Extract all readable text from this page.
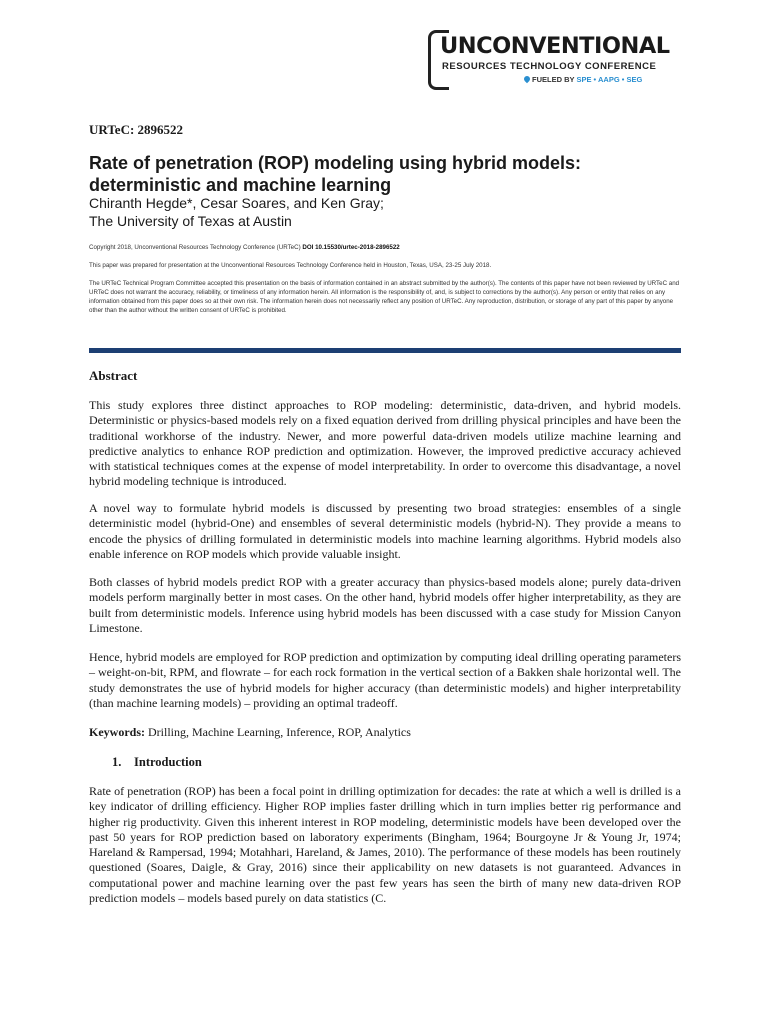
UNCONVENTIONAL
RESOURCES TECHNOLOGY CONFERENCE
FUELED BY SPE • AAPG • SEG
URTeC: 2896522
Rate of penetration (ROP) modeling using hybrid models:
deterministic and machine learning
Chiranth Hegde*, Cesar Soares, and Ken Gray;
The University of Texas at Austin
Copyright 2018, Unconventional Resources Technology Conference (URTeC) DOI 10.15530/urtec-2018-2896522
This paper was prepared for presentation at the Unconventional Resources Technology Conference held in Houston, Texas, USA, 23-25 July 2018.
The URTeC Technical Program Committee accepted this presentation on the basis of information contained in an abstract submitted by the author(s). The contents of this paper have not been reviewed by URTeC and URTeC does not warrant the accuracy, reliability, or timeliness of any information herein. All information is the responsibility of, and, is subject to corrections by the author(s). Any person or entity that relies on any information obtained from this paper does so at their own risk. The information herein does not necessarily reflect any position of URTeC. Any reproduction, distribution, or storage of any part of this paper by anyone other than the author without the written consent of URTeC is prohibited.
Abstract

This study explores three distinct approaches to ROP modeling: deterministic, data-driven, and hybrid models. Deterministic or physics-based models rely on a fixed equation derived from drilling physical principles and have been the traditional workhorse of the industry. Newer, and more powerful data-driven models utilize machine learning and predictive analytics to enhance ROP prediction and optimization. However, the improved predictive accuracy achieved with statistical techniques comes at the expense of model interpretability. In order to overcome this disadvantage, a novel hybrid modeling technique is introduced.

A novel way to formulate hybrid models is discussed by presenting two broad strategies: ensembles of a single deterministic model (hybrid-One) and ensembles of several deterministic models (hybrid-N). They provide a means to encode the physics of drilling formulated in deterministic models into machine learning algorithms. Hybrid models also enable inference on ROP models which provide valuable insight.

Both classes of hybrid models predict ROP with a greater accuracy than physics-based models alone; purely data-driven models perform marginally better in most cases. On the other hand, hybrid models offer higher interpretability, as they are built from deterministic models. Inference using hybrid models has been discussed with a case study for Mission Canyon Limestone.

Hence, hybrid models are employed for ROP prediction and optimization by computing ideal drilling operating parameters – weight-on-bit, RPM, and flowrate – for each rock formation in the vertical section of a Bakken shale horizontal well. The study demonstrates the use of hybrid models for higher accuracy (than deterministic models) and higher interpretability (than machine learning models) – providing an optimal tradeoff.

Keywords: Drilling, Machine Learning, Inference, ROP, Analytics
1. Introduction

Rate of penetration (ROP) has been a focal point in drilling optimization for decades: the rate at which a well is drilled is a key indicator of drilling efficiency. Higher ROP implies faster drilling which in turn implies better rig performance and higher rig productivity. Given this inherent interest in ROP modeling, deterministic models have been developed over the past 50 years for ROP prediction based on laboratory experiments (Bingham, 1964; Bourgoyne Jr & Young Jr, 1974; Hareland & Rampersad, 1994; Motahhari, Hareland, & James, 2010). The performance of these models has been routinely questioned (Soares, Daigle, & Gray, 2016) since their applicability on new datasets is not guaranteed. Advances in computational power and machine learning over the past few years has seen the birth of many new data-driven ROP prediction models – models based purely on data statistics (C.
